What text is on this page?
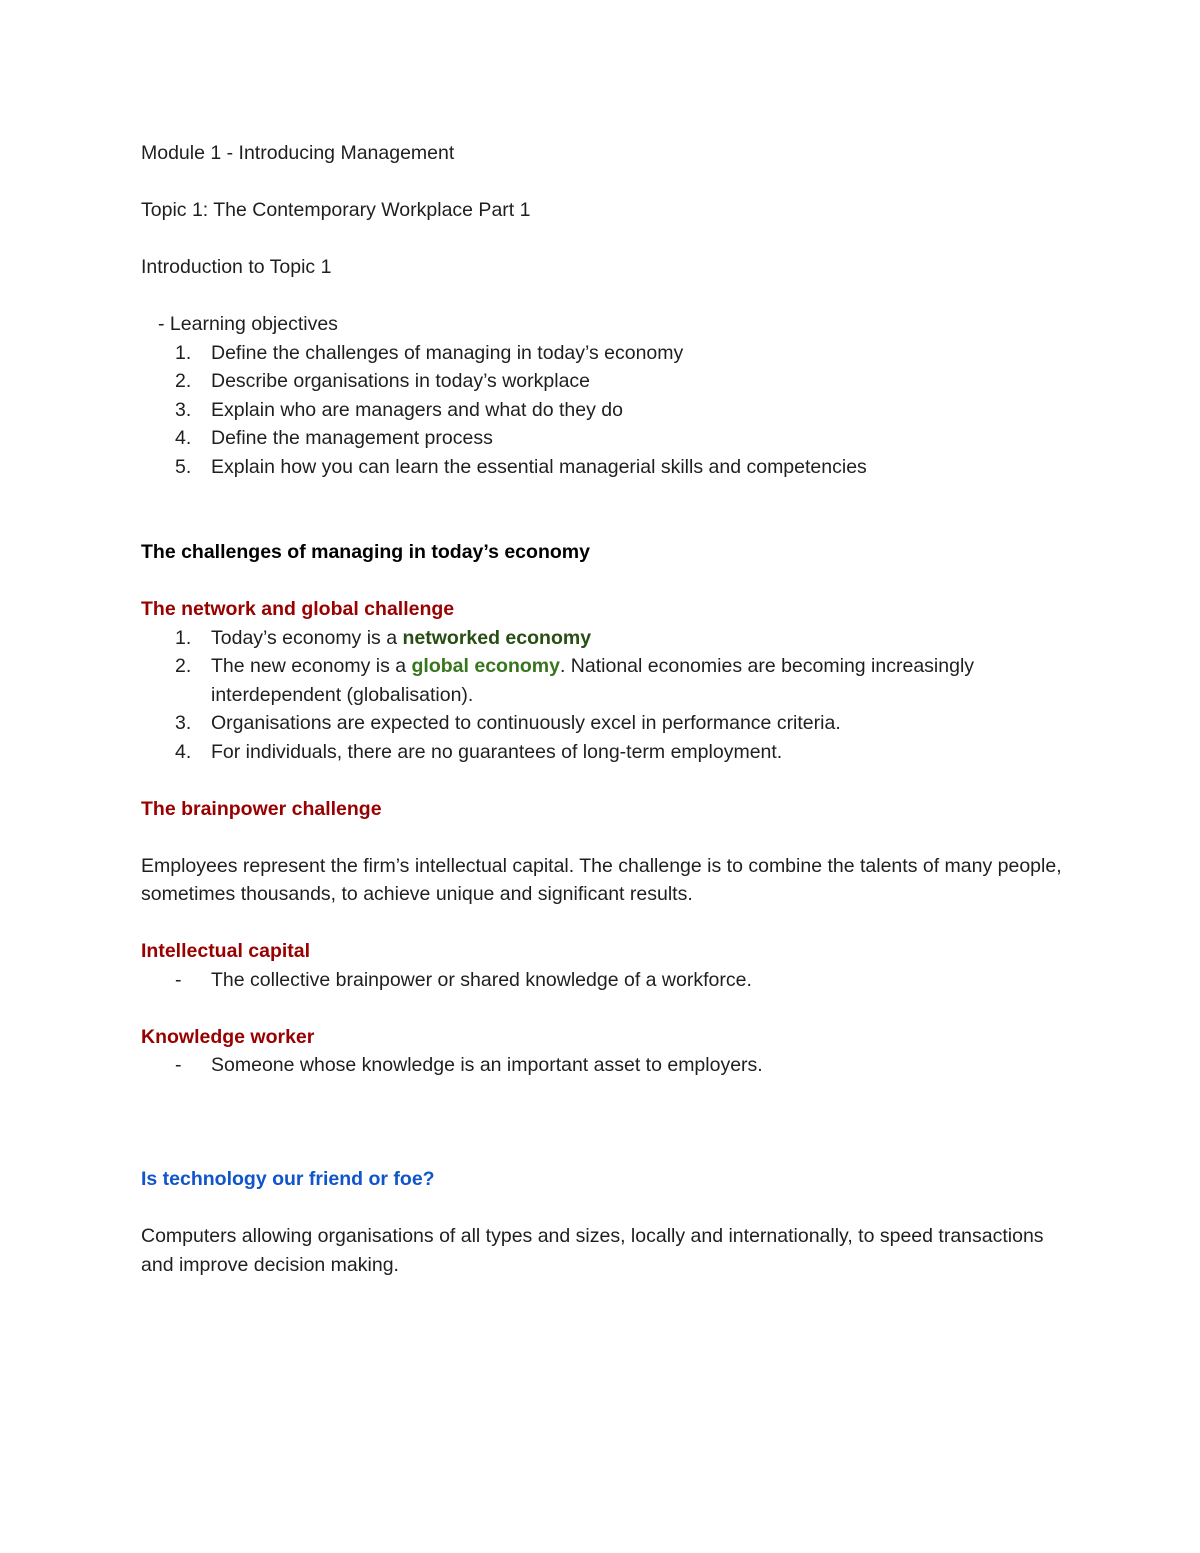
Module 1 - Introducing Management

Topic 1: The Contemporary Workplace Part 1

Introduction to Topic 1

- Learning objectives

1. Define the challenges of managing in today’s economy
2. Describe organisations in today’s workplace
3. Explain who are managers and what do they do
4. Define the management process
5. Explain how you can learn the essential managerial skills and competencies

The challenges of managing in today’s economy

The network and global challenge

1. Today’s economy is a networked economy
2. The new economy is a global economy. National economies are becoming increasingly interdependent (globalisation).
3. Organisations are expected to continuously excel in performance criteria.
4. For individuals, there are no guarantees of long-term employment.

The brainpower challenge

Employees represent the firm’s intellectual capital. The challenge is to combine the talents of many people, sometimes thousands, to achieve unique and significant results.

Intellectual capital

- The collective brainpower or shared knowledge of a workforce.

Knowledge worker

- Someone whose knowledge is an important asset to employers.

Is technology our friend or foe?

Computers allowing organisations of all types and sizes, locally and internationally, to speed transactions and improve decision making.
